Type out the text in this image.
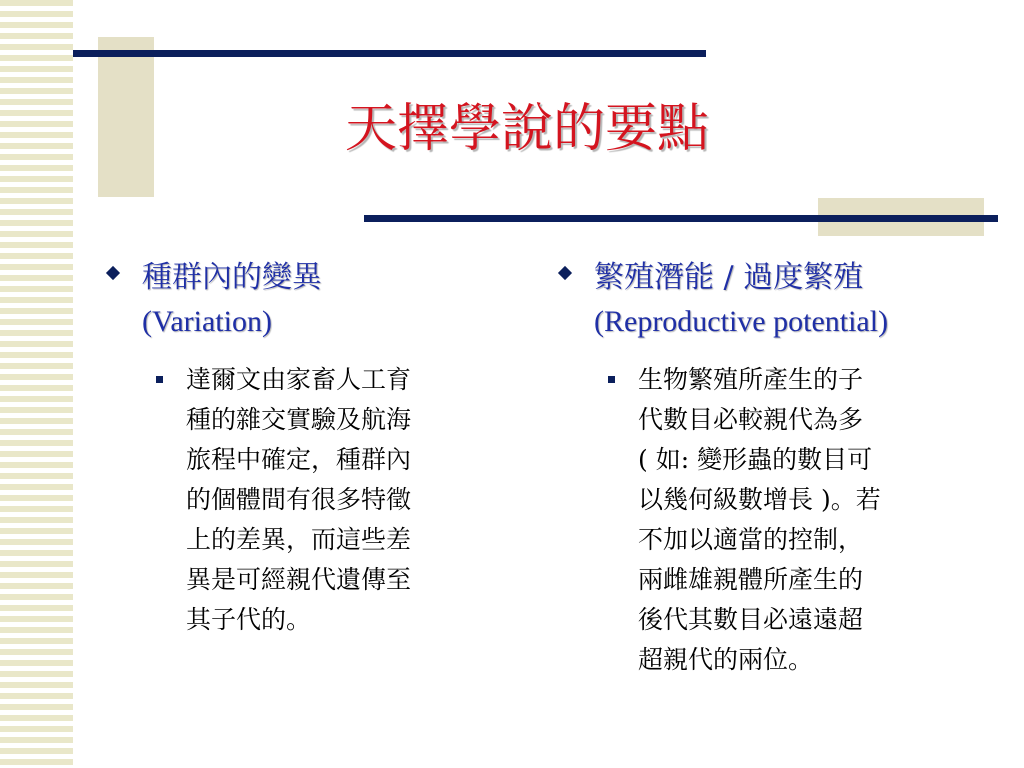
天擇學說的要點
種群內的變異
(Variation)
達爾文由家畜人工育
種的雜交實驗及航海
旅程中確定，種群內
的個體間有很多特徵
上的差異，而這些差
異是可經親代遺傳至
其子代的。
繁殖潛能 / 過度繁殖
(Reproductive potential)
生物繁殖所產生的子
代數目必較親代為多
( 如: 變形蟲的數目可
以幾何級數增長 )。若
不加以適當的控制，
兩雌雄親體所產生的
後代其數目必遠遠超
超親代的兩位。
